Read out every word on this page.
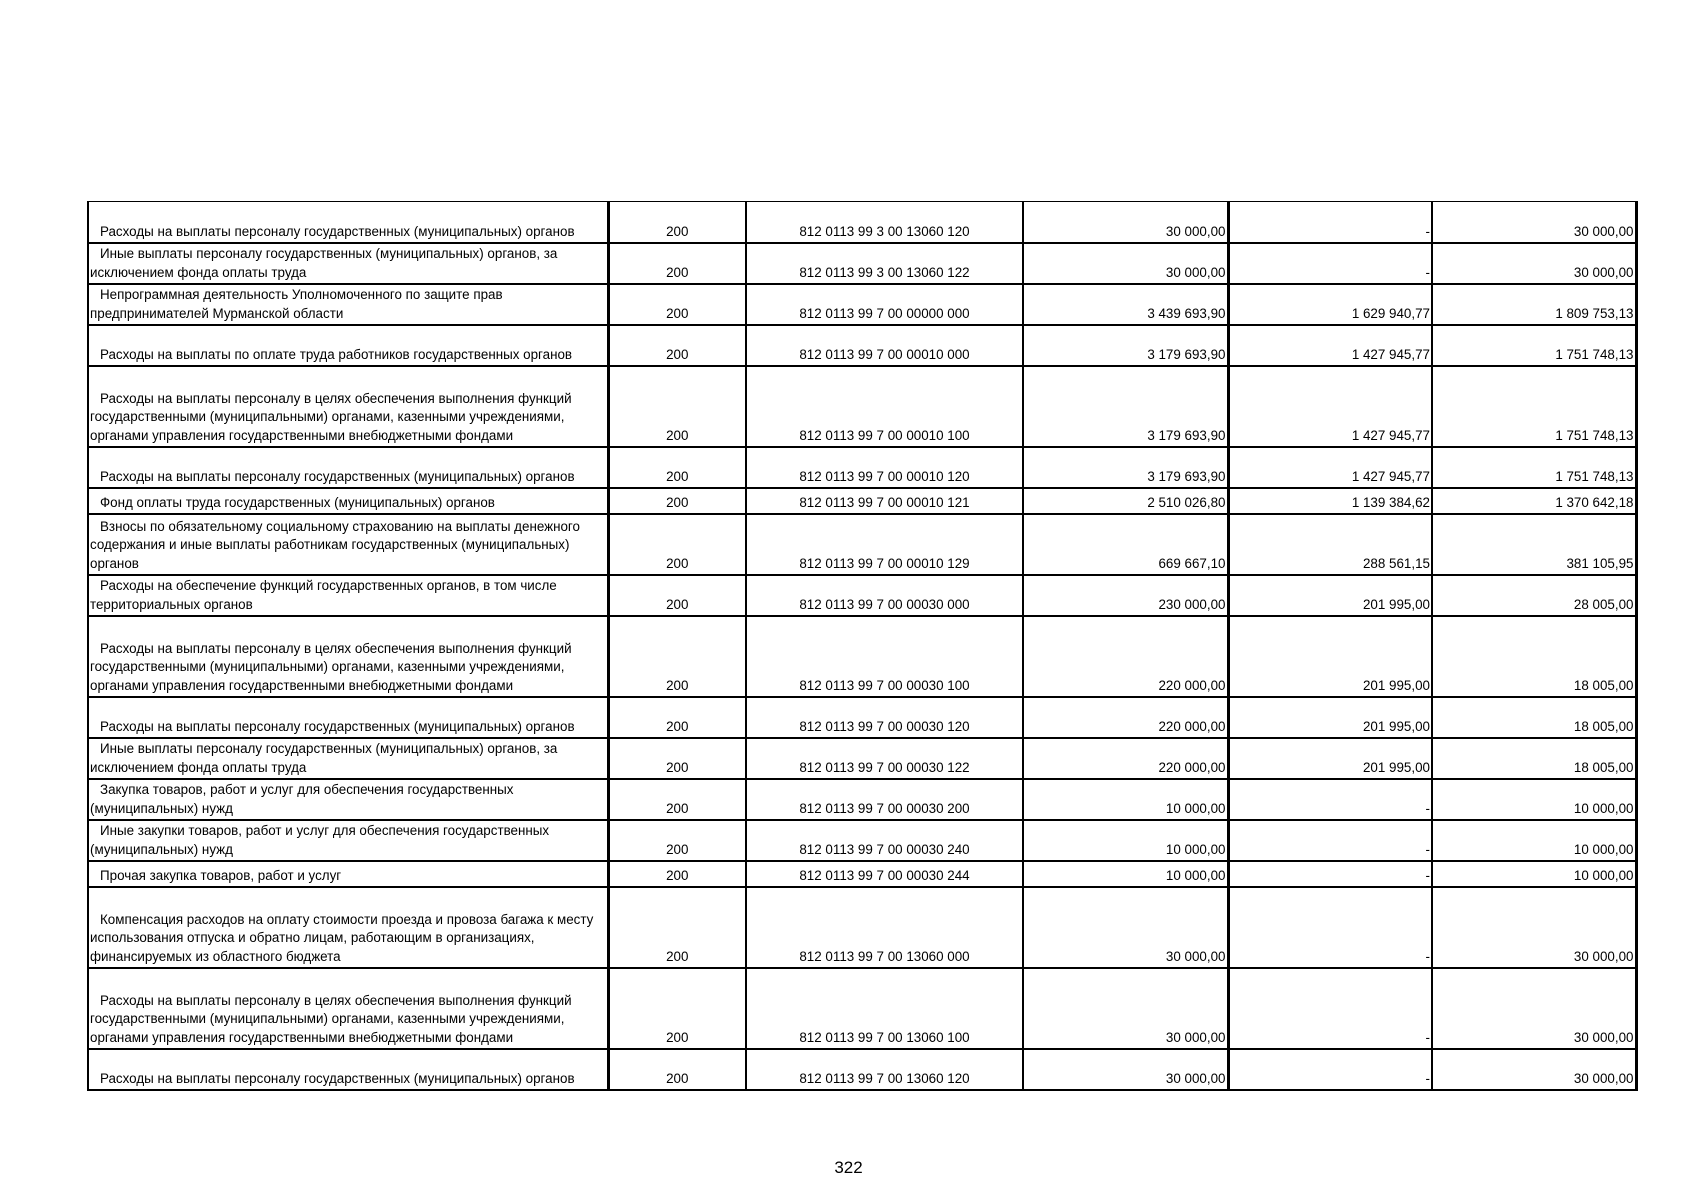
Расходы на выплаты персоналу государственных (муниципальных) органов	200	812 0113 99 3 00 13060 120	30 000,00	-	30 000,00

Иные выплаты персоналу государственных (муниципальных) органов, за исключением фонда оплаты труда	200	812 0113 99 3 00 13060 122	30 000,00	-	30 000,00

Непрограммная деятельность Уполномоченного по защите прав предпринимателей Мурманской области	200	812 0113 99 7 00 00000 000	3 439 693,90	1 629 940,77	1 809 753,13

Расходы на выплаты по оплате труда работников государственных органов	200	812 0113 99 7 00 00010 000	3 179 693,90	1 427 945,77	1 751 748,13

Расходы на выплаты персоналу в целях обеспечения выполнения функций государственными (муниципальными) органами, казенными учреждениями, органами управления государственными внебюджетными фондами	200	812 0113 99 7 00 00010 100	3 179 693,90	1 427 945,77	1 751 748,13

Расходы на выплаты персоналу государственных (муниципальных) органов	200	812 0113 99 7 00 00010 120	3 179 693,90	1 427 945,77	1 751 748,13

Фонд оплаты труда государственных (муниципальных) органов	200	812 0113 99 7 00 00010 121	2 510 026,80	1 139 384,62	1 370 642,18

Взносы по обязательному социальному страхованию на выплаты денежного содержания и иные выплаты работникам государственных (муниципальных) органов	200	812 0113 99 7 00 00010 129	669 667,10	288 561,15	381 105,95

Расходы на обеспечение функций государственных органов, в том числе территориальных органов	200	812 0113 99 7 00 00030 000	230 000,00	201 995,00	28 005,00

Расходы на выплаты персоналу в целях обеспечения выполнения функций государственными (муниципальными) органами, казенными учреждениями, органами управления государственными внебюджетными фондами	200	812 0113 99 7 00 00030 100	220 000,00	201 995,00	18 005,00

Расходы на выплаты персоналу государственных (муниципальных) органов	200	812 0113 99 7 00 00030 120	220 000,00	201 995,00	18 005,00

Иные выплаты персоналу государственных (муниципальных) органов, за исключением фонда оплаты труда	200	812 0113 99 7 00 00030 122	220 000,00	201 995,00	18 005,00

Закупка товаров, работ и услуг для обеспечения государственных (муниципальных) нужд	200	812 0113 99 7 00 00030 200	10 000,00	-	10 000,00

Иные закупки товаров, работ и услуг для обеспечения государственных (муниципальных) нужд	200	812 0113 99 7 00 00030 240	10 000,00	-	10 000,00

Прочая закупка товаров, работ и услуг	200	812 0113 99 7 00 00030 244	10 000,00	-	10 000,00

Компенсация расходов на оплату стоимости проезда и провоза багажа к месту использования отпуска и обратно лицам, работающим в организациях, финансируемых из областного бюджета	200	812 0113 99 7 00 13060 000	30 000,00	-	30 000,00

Расходы на выплаты персоналу в целях обеспечения выполнения функций государственными (муниципальными) органами, казенными учреждениями, органами управления государственными внебюджетными фондами	200	812 0113 99 7 00 13060 100	30 000,00	-	30 000,00

Расходы на выплаты персоналу государственных (муниципальных) органов	200	812 0113 99 7 00 13060 120	30 000,00	-	30 000,00
322
